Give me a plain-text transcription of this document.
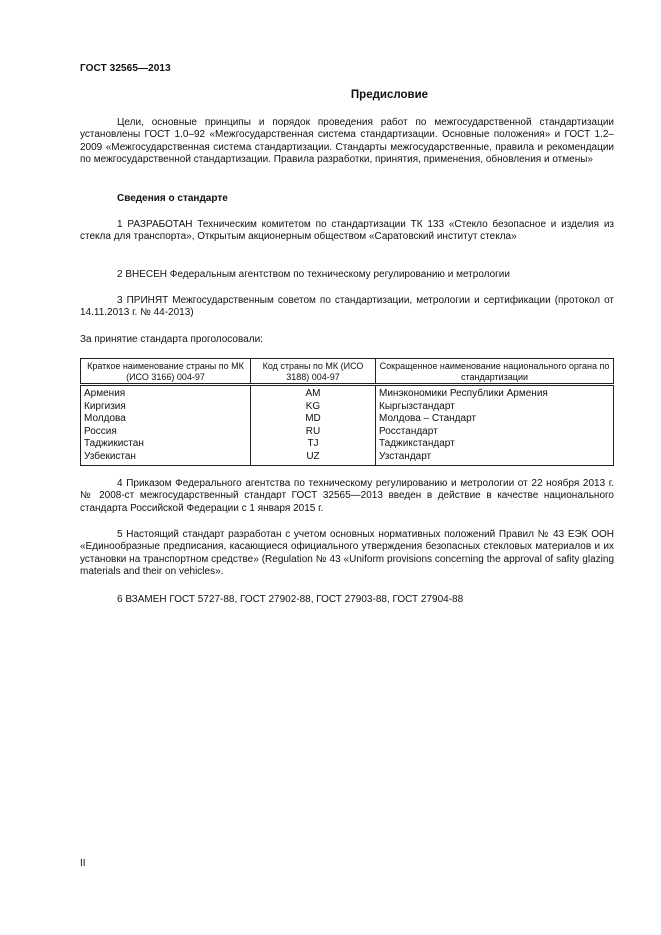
ГОСТ 32565—2013
Предисловие
Цели, основные принципы и порядок проведения работ по межгосударственной стандартизации установлены ГОСТ 1.0–92 «Межгосударственная система стандартизации. Основные положения» и ГОСТ 1.2–2009 «Межгосударственная система стандартизации. Стандарты межгосударственные, правила и рекомендации по межгосударственной стандартизации. Правила разработки, принятия, применения, обновления и отмены»
Сведения о стандарте
1 РАЗРАБОТАН Техническим комитетом по стандартизации ТК 133 «Стекло безопасное и изделия из стекла для транспорта», Открытым акционерным обществом «Саратовский институт стекла»
2 ВНЕСЕН Федеральным агентством по техническому регулированию и метрологии
3 ПРИНЯТ Межгосударственным советом по стандартизации, метрологии и сертификации (протокол от 14.11.2013 г. № 44-2013)
За принятие стандарта проголосовали:
Краткое наименование страны по МК (ИСО 3166) 004-97	Код страны по МК (ИСО 3188) 004-97	Сокращенное наименование национального органа по стандартизации
Армения	AM	Минэкономики Республики Армения
Киргизия	KG	Кыргызстандарт
Молдова	MD	Молдова – Стандарт
Россия	RU	Росстандарт
Таджикистан	TJ	Таджикстандарт
Узбекистан	UZ	Узстандарт
4 Приказом Федерального агентства по техническому регулированию и метрологии от 22 ноября 2013 г. № 2008-ст межгосударственный стандарт ГОСТ 32565—2013 введен в действие в качестве национального стандарта Российской Федерации с 1 января 2015 г.
5 Настоящий стандарт разработан с учетом основных нормативных положений Правил № 43 ЕЭК ООН «Единообразные предписания, касающиеся официального утверждения безопасных стекловых материалов и их установки на транспортном средстве» (Regulation № 43 «Uniform provisions concerning the approval of safity glazing materials and their on vehicles».
6 ВЗАМЕН ГОСТ 5727-88, ГОСТ 27902-88, ГОСТ 27903-88, ГОСТ 27904-88
II
